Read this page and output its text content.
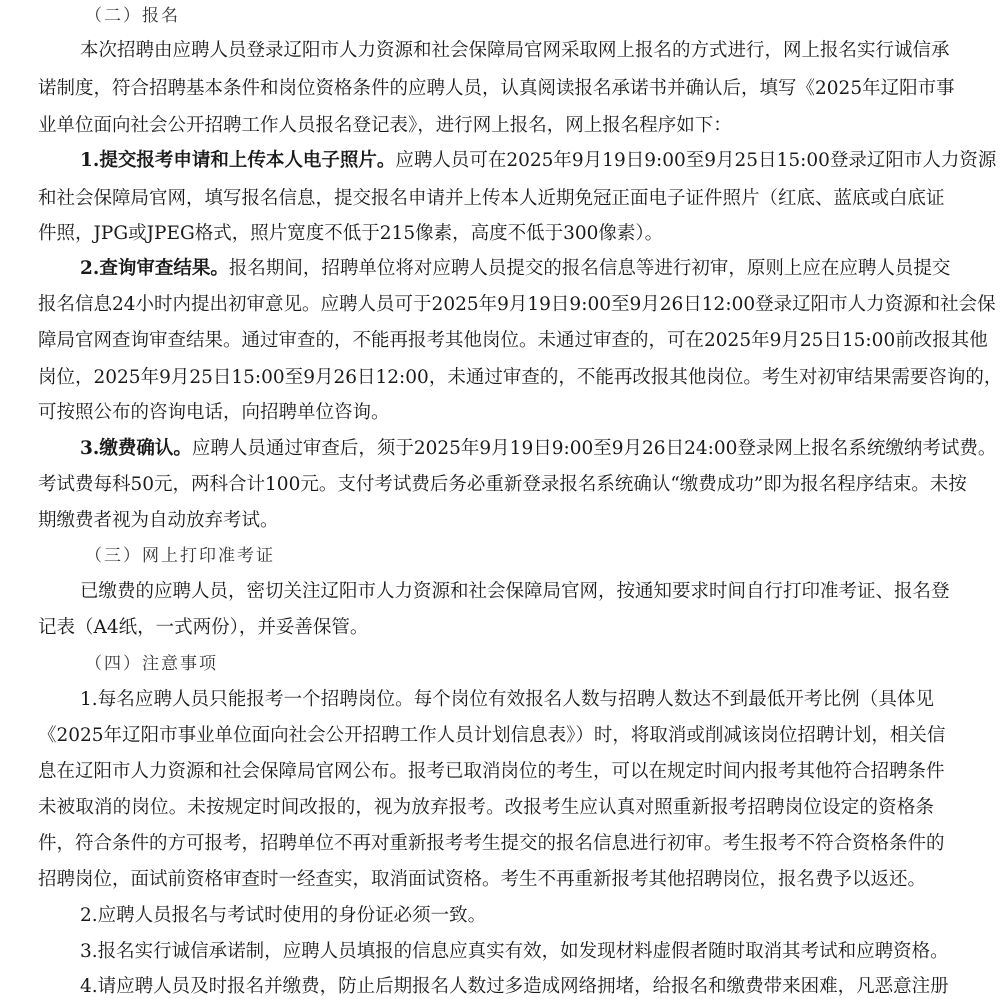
（二）报名
本次招聘由应聘人员登录辽阳市人力资源和社会保障局官网采取网上报名的方式进行，网上报名实行诚信承
诺制度，符合招聘基本条件和岗位资格条件的应聘人员，认真阅读报名承诺书并确认后，填写《2025年辽阳市事
业单位面向社会公开招聘工作人员报名登记表》，进行网上报名，网上报名程序如下：
1.提交报考申请和上传本人电子照片。应聘人员可在2025年9月19日9:00至9月25日15:00登录辽阳市人力资源
和社会保障局官网，填写报名信息，提交报名申请并上传本人近期免冠正面电子证件照片（红底、蓝底或白底证
件照，JPG或JPEG格式，照片宽度不低于215像素，高度不低于300像素）。
2.查询审查结果。报名期间，招聘单位将对应聘人员提交的报名信息等进行初审，原则上应在应聘人员提交
报名信息24小时内提出初审意见。应聘人员可于2025年9月19日9:00至9月26日12:00登录辽阳市人力资源和社会保
障局官网查询审查结果。通过审查的，不能再报考其他岗位。未通过审查的，可在2025年9月25日15:00前改报其他
岗位，2025年9月25日15:00至9月26日12:00，未通过审查的，不能再改报其他岗位。考生对初审结果需要咨询的，
可按照公布的咨询电话，向招聘单位咨询。
3.缴费确认。应聘人员通过审查后，须于2025年9月19日9:00至9月26日24:00登录网上报名系统缴纳考试费。
考试费每科50元，两科合计100元。支付考试费后务必重新登录报名系统确认“缴费成功”即为报名程序结束。未按
期缴费者视为自动放弃考试。
（三）网上打印准考证
已缴费的应聘人员，密切关注辽阳市人力资源和社会保障局官网，按通知要求时间自行打印准考证、报名登
记表（A4纸，一式两份），并妥善保管。
（四）注意事项
1.每名应聘人员只能报考一个招聘岗位。每个岗位有效报名人数与招聘人数达不到最低开考比例（具体见
《2025年辽阳市事业单位面向社会公开招聘工作人员计划信息表》）时，将取消或削减该岗位招聘计划，相关信
息在辽阳市人力资源和社会保障局官网公布。报考已取消岗位的考生，可以在规定时间内报考其他符合招聘条件
未被取消的岗位。未按规定时间改报的，视为放弃报考。改报考生应认真对照重新报考招聘岗位设定的资格条
件，符合条件的方可报考，招聘单位不再对重新报考考生提交的报名信息进行初审。考生报考不符合资格条件的
招聘岗位，面试前资格审查时一经查实，取消面试资格。考生不再重新报考其他招聘岗位，报名费予以返还。
2.应聘人员报名与考试时使用的身份证必须一致。
3.报名实行诚信承诺制，应聘人员填报的信息应真实有效，如发现材料虚假者随时取消其考试和应聘资格。
4.请应聘人员及时报名并缴费，防止后期报名人数过多造成网络拥堵，给报名和缴费带来困难，凡恶意注册
